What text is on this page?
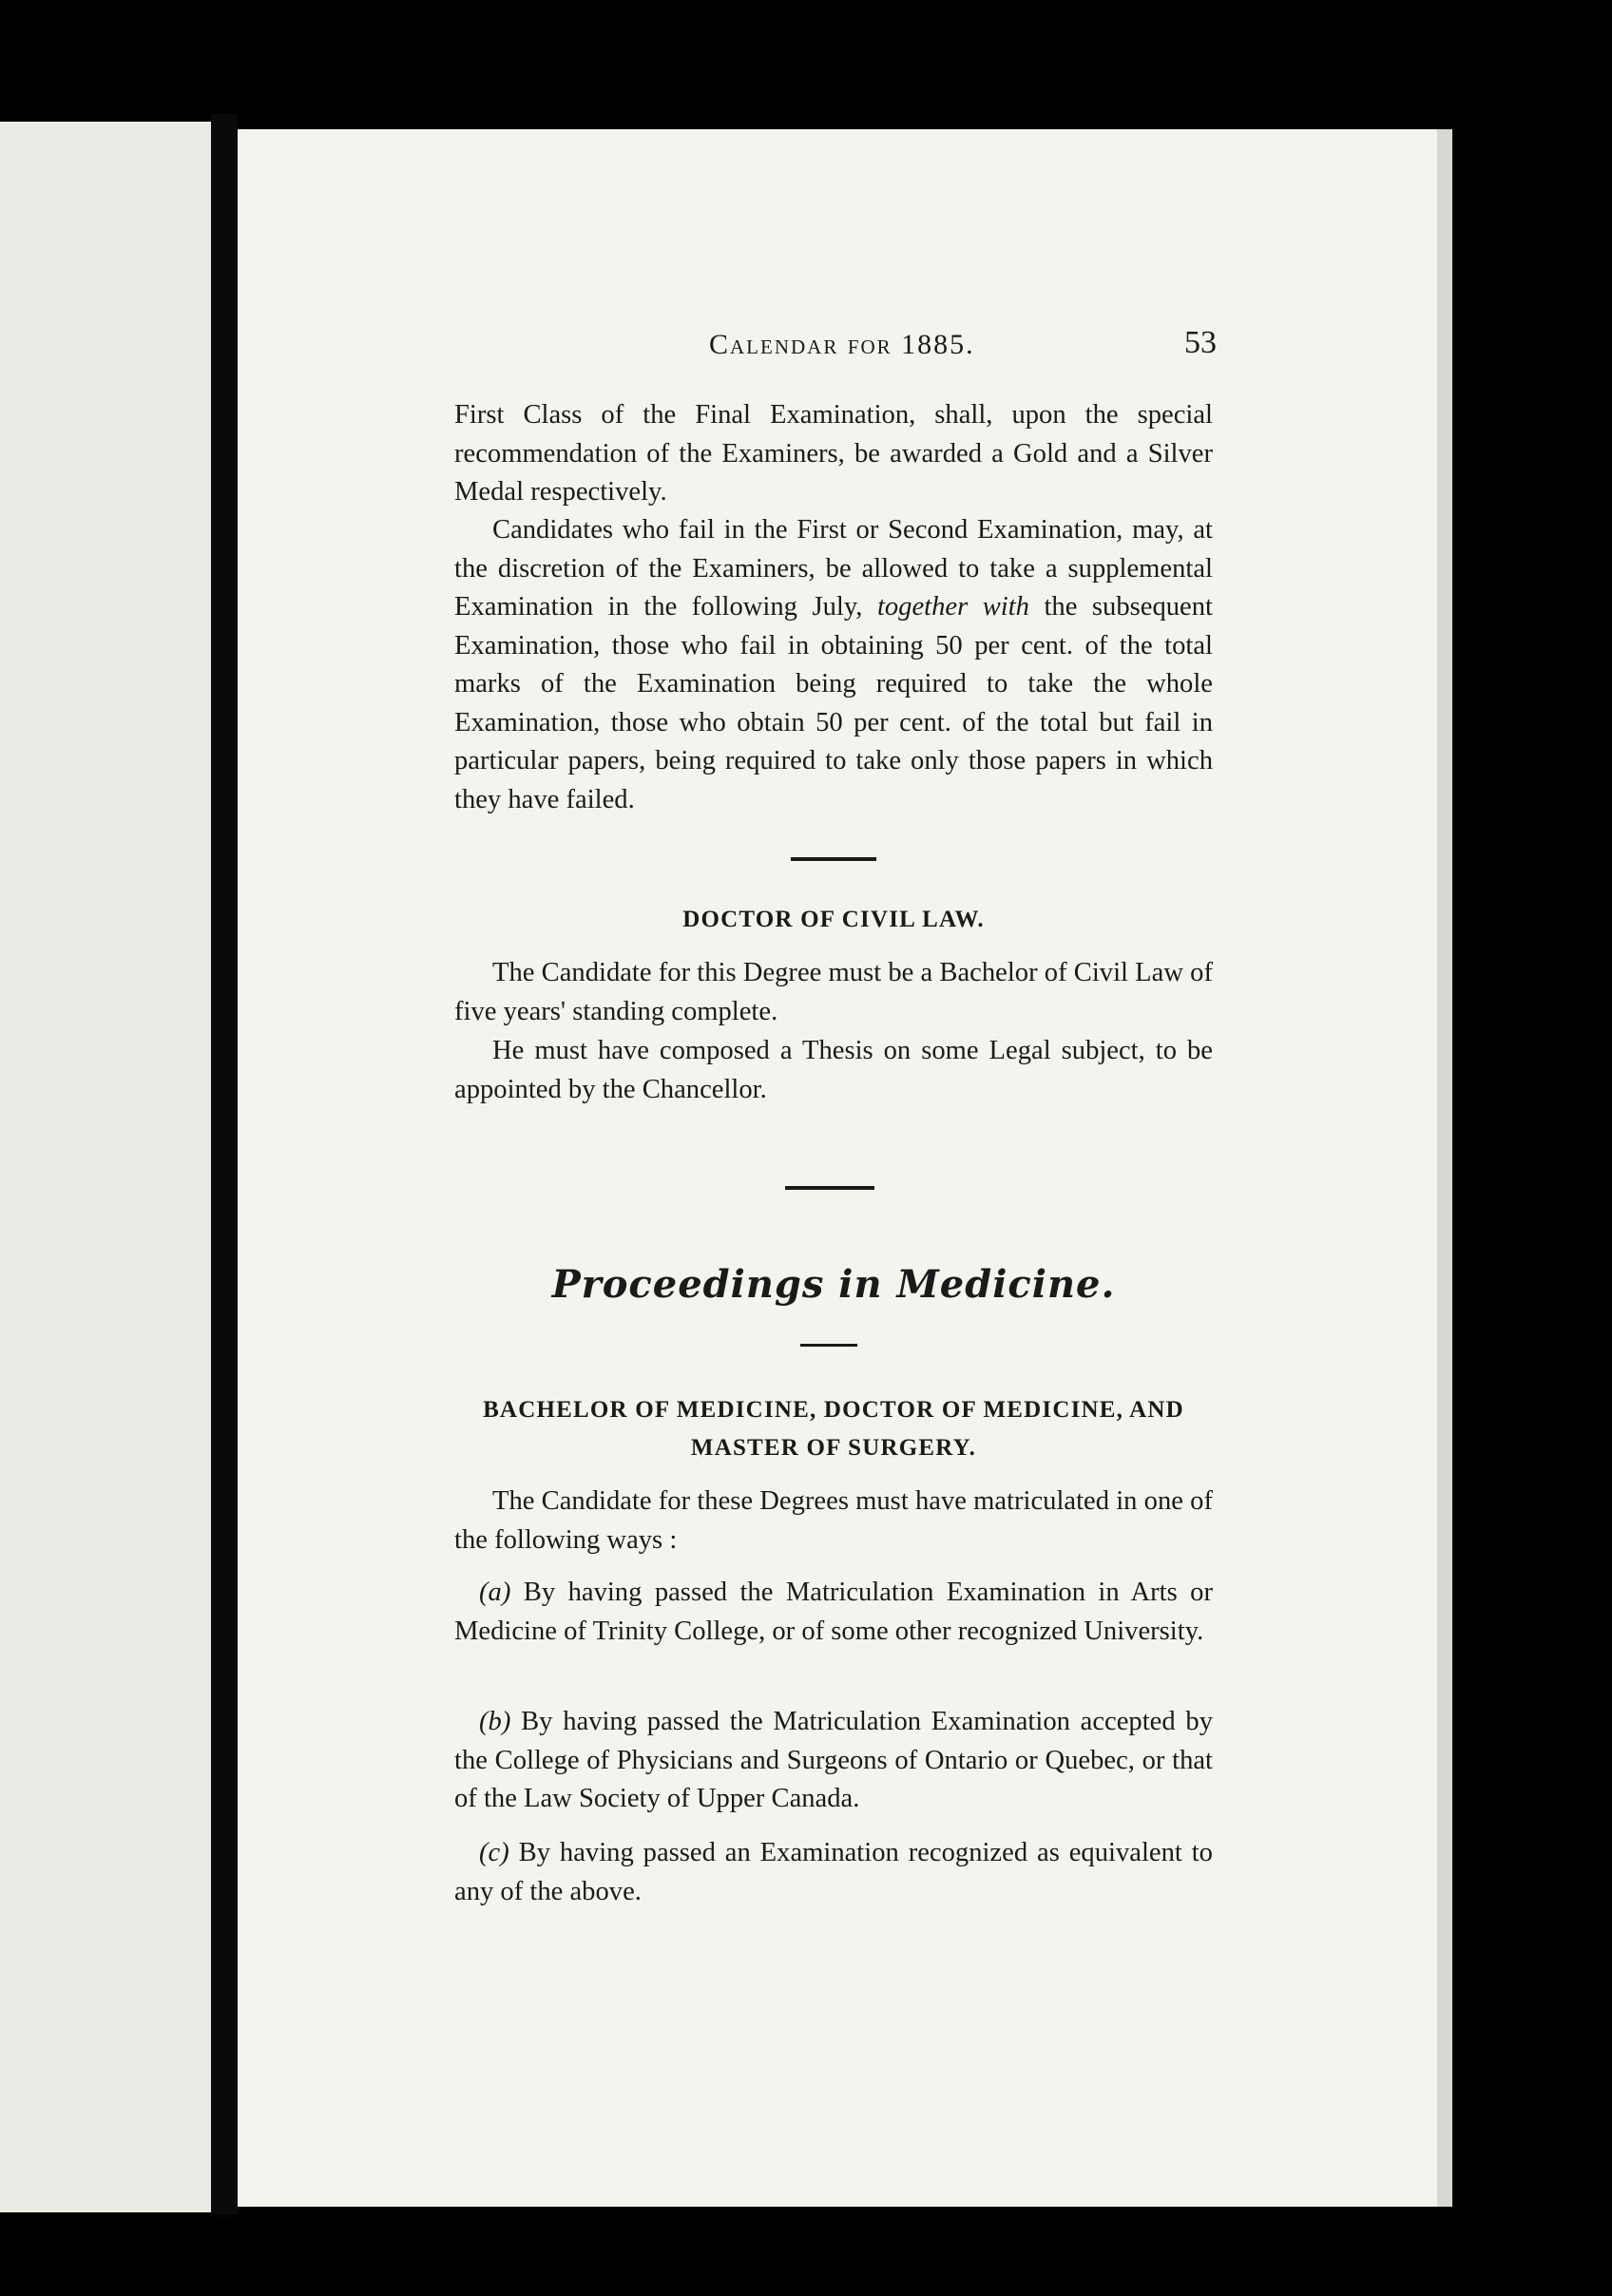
Calendar for 1885.	53

First Class of the Final Examination, shall, upon the special recommendation of the Examiners, be awarded a Gold and a Silver Medal respectively.

Candidates who fail in the First or Second Examination, may, at the discretion of the Examiners, be allowed to take a supplemental Examination in the following July, together with the subsequent Examination, those who fail in obtaining 50 per cent. of the total marks of the Examination being required to take the whole Examination, those who obtain 50 per cent. of the total but fail in particular papers, being required to take only those papers in which they have failed.

DOCTOR OF CIVIL LAW.

The Candidate for this Degree must be a Bachelor of Civil Law of five years' standing complete.

He must have composed a Thesis on some Legal subject, to be appointed by the Chancellor.

Proceedings in Medicine.
BACHELOR OF MEDICINE, DOCTOR OF MEDICINE, AND
MASTER OF SURGERY.

The Candidate for these Degrees must have matriculated in one of the following ways :

(a) By having passed the Matriculation Examination in Arts or Medicine of Trinity College, or of some other recognized University.

(b) By having passed the Matriculation Examination accepted by the College of Physicians and Surgeons of Ontario or Quebec, or that of the Law Society of Upper Canada.

(c) By having passed an Examination recognized as equivalent to any of the above.
